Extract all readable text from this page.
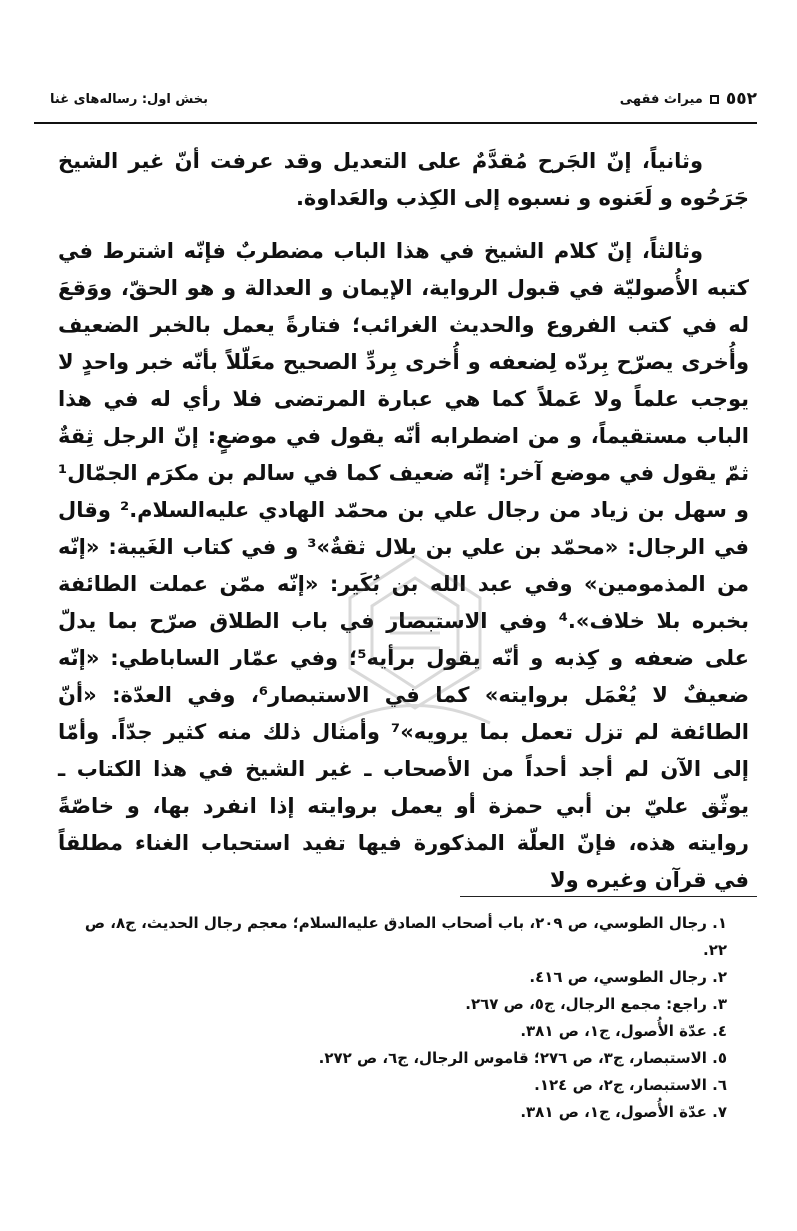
٥٥٢
میراث فقهی
بخش اول: رسالەهای غنا

وثانياً، إنّ الجَرح مُقدَّمٌ على التعديل وقد عرفت أنّ غير الشيخ جَرَحُوه و لَعَنوه و نسبوه إلى الكِذب والعَداوة.

وثالثاً، إنّ كلام الشيخ في هذا الباب مضطربٌ فإنّه اشترط في كتبه الأُصوليّة في قبول الرواية، الإيمان و العدالة و هو الحقّ، ووَقعَ له في كتب الفروع والحديث الغرائب؛ فتارةً يعمل بالخبر الضعيف وأُخرى يصرّح بِردّه لِضعفه و أُخرى بِردِّ الصحيح معَلّلاً بأنّه خبر واحدٍ لا يوجب علماً ولا عَملاً كما هي عبارة المرتضى فلا رأي له في هذا الباب مستقيماً، و من اضطرابه أنّه يقول في موضعٍ: إنّ الرجل ثِقةٌ ثمّ يقول في موضع آخر: إنّه ضعيف كما في سالم بن مكرَم الجمّال¹ و سهل بن زياد من رجال علي بن محمّد الهادي عليه‌السلام.² وقال في الرجال: «محمّد بن علي بن بلال ثقةٌ»³ و في كتاب الغَيبة: «إنّه من المذمومين» وفي عبد الله بن بُكَير: «إنّه ممّن عملت الطائفة بخبره بلا خلاف».⁴ وفي الاستبصار في باب الطلاق صرّح بما يدلّ على ضعفه و كِذبه و أنّه يقول برأيه⁵؛ وفي عمّار الساباطي: «إنّه ضعيفٌ لا يُعْمَل بروايته» كما في الاستبصار⁶، وفي العدّة: «أنّ الطائفة لم تزل تعمل بما يرويه»⁷ وأمثال ذلك منه كثير جدّاً. وأمّا إلى الآن لم أجد أحداً من الأصحاب ـ غير الشيخ في هذا الكتاب ـ يوثّق عليّ بن أبي حمزة أو يعمل بروايته إذا انفرد بها، و خاصّةً روايته هذه، فإنّ العلّة المذكورة فيها تفيد استحباب الغناء مطلقاً في قرآن وغيره ولا

١. رجال الطوسي، ص ٢٠٩، باب أصحاب الصادق عليه‌السلام؛ معجم رجال الحديث، ج٨، ص ٢٢.
٢. رجال الطوسي، ص ٤١٦.
٣. راجع: مجمع الرجال، ج٥، ص ٢٦٧.
٤. عدّة الأُصول، ج١، ص ٣٨١.
٥. الاستبصار، ج٣، ص ٢٧٦؛ قاموس الرجال، ج٦، ص ٢٧٢.
٦. الاستبصار، ج٢، ص ١٢٤.
٧. عدّة الأُصول، ج١، ص ٣٨١.
